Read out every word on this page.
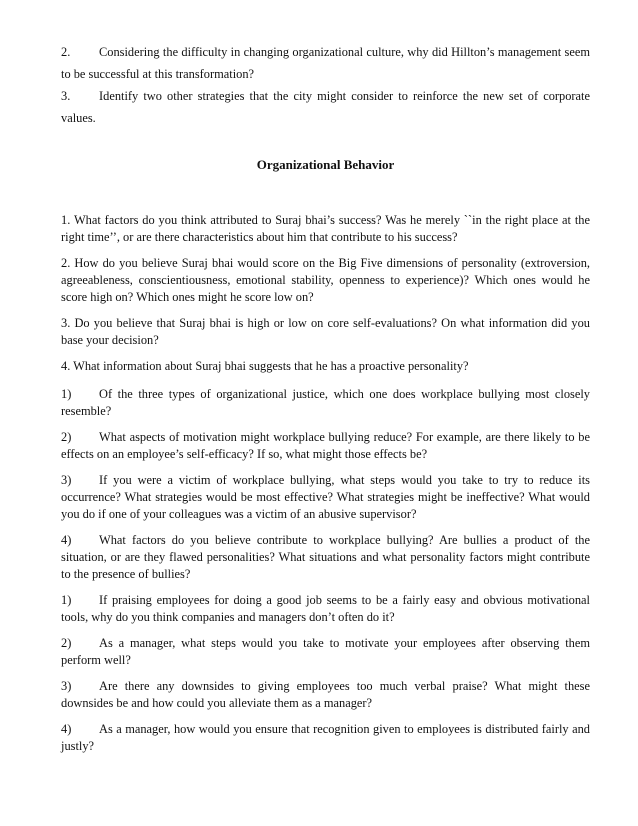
2. Considering the difficulty in changing organizational culture, why did Hillton’s management seem to be successful at this transformation?

3. Identify two other strategies that the city might consider to reinforce the new set of corporate values.

Organizational Behavior

1. What factors do you think attributed to Suraj bhai’s success? Was he merely ``in the right place at the right time’’, or are there characteristics about him that contribute to his success?

2. How do you believe Suraj bhai would score on the Big Five dimensions of personality (extroversion, agreeableness, conscientiousness, emotional stability, openness to experience)? Which ones would he score high on? Which ones might he score low on?

3. Do you believe that Suraj bhai is high or low on core self-evaluations? On what information did you base your decision?

4. What information about Suraj bhai suggests that he has a proactive personality?

1) Of the three types of organizational justice, which one does workplace bullying most closely resemble?

2) What aspects of motivation might workplace bullying reduce? For example, are there likely to be effects on an employee’s self-efficacy? If so, what might those effects be?

3) If you were a victim of workplace bullying, what steps would you take to try to reduce its occurrence? What strategies would be most effective? What strategies might be ineffective? What would you do if one of your colleagues was a victim of an abusive supervisor?

4) What factors do you believe contribute to workplace bullying? Are bullies a product of the situation, or are they flawed personalities? What situations and what personality factors might contribute to the presence of bullies?

1) If praising employees for doing a good job seems to be a fairly easy and obvious motivational tools, why do you think companies and managers don’t often do it?

2) As a manager, what steps would you take to motivate your employees after observing them perform well?

3) Are there any downsides to giving employees too much verbal praise? What might these downsides be and how could you alleviate them as a manager?

4) As a manager, how would you ensure that recognition given to employees is distributed fairly and justly?
